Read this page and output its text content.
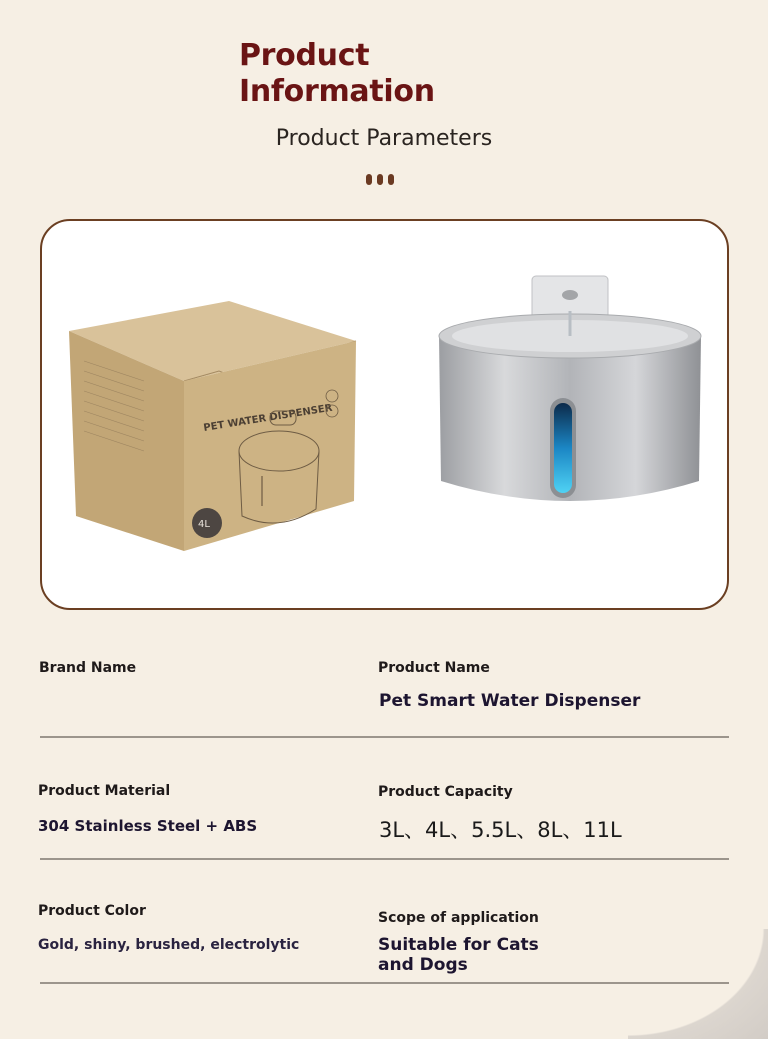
Product
Information
Product Parameters
PET WATER DISPENSER
4L
Brand Name	Product Name
Pet Smart Water Dispenser
Product Material
304 Stainless Steel + ABS
Product Capacity
3L、4L、5.5L、8L、11L
Product Color
Gold, shiny, brushed, electrolytic
Scope of application
Suitable for Cats
and Dogs
